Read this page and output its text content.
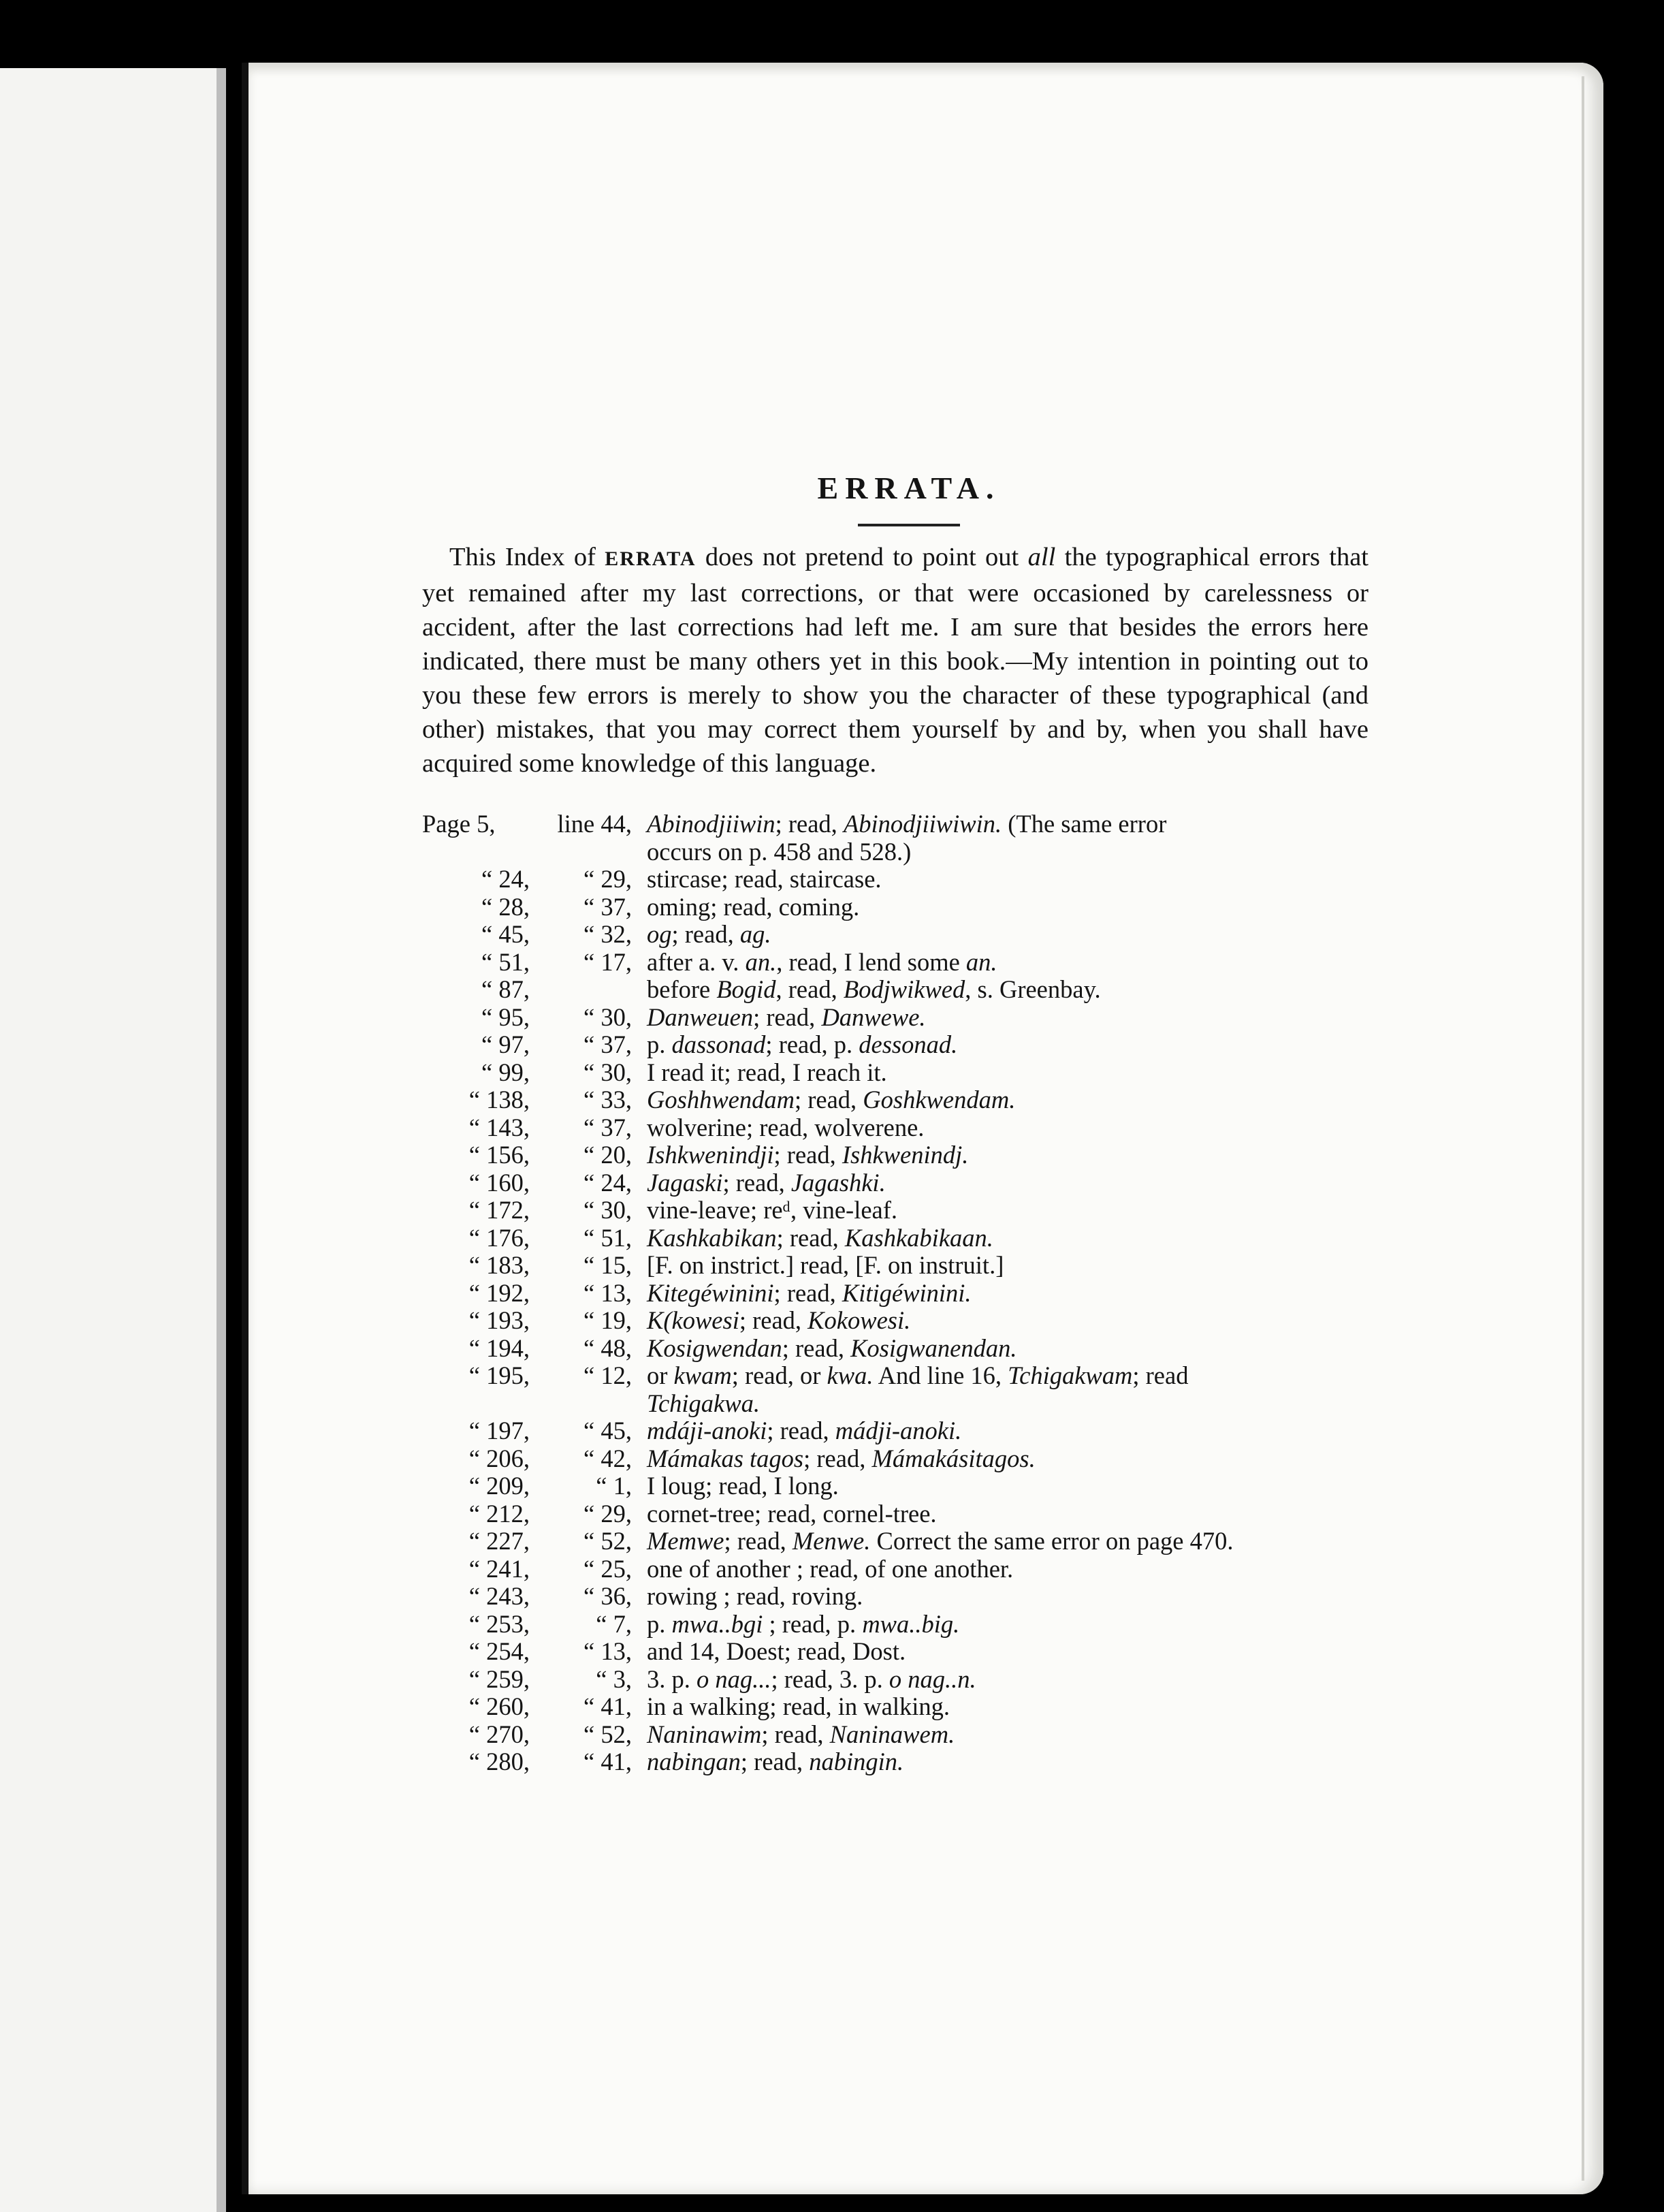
ERRATA.

This Index of ERRATA does not pretend to point out all the typographical errors that yet remained after my last corrections, or that were occasioned by carelessness or accident, after the last corrections had left me. I am sure that besides the errors here indicated, there must be many others yet in this book.—My intention in pointing out to you these few errors is merely to show you the character of these typographical (and other) mistakes, that you may correct them yourself by and by, when you shall have acquired some knowledge of this language.

Page 5,	line 44, Abinodjiiwin; read, Abinodjiiwiwin. (The same error
occurs on p. 458 and 528.)
“ 24,	“ 29, stircase; read, staircase.
“ 28,	“ 37, oming; read, coming.
“ 45,	“ 32, og; read, ag.
“ 51,	“ 17, after a. v. an., read, I lend some an.
“ 87,	before Bogid, read, Bodjwikwed, s. Greenbay.
“ 95,	“ 30, Danweuen; read, Danwewe.
“ 97,	“ 37, p. dassonad; read, p. dessonad.
“ 99,	“ 30, I read it; read, I reach it.
“ 138,	“ 33, Goshhwendam; read, Goshkwendam.
“ 143,	“ 37, wolverine; read, wolverene.
“ 156,	“ 20, Ishkwenindji; read, Ishkwenindj.
“ 160,	“ 24, Jagaski; read, Jagashki.
“ 172,	“ 30, vine-leave; re⁠ᵈ, vine-leaf.
“ 176,	“ 51, Kashkabikan; read, Kashkabikaan.
“ 183,	“ 15, [F. on instrict.] read, [F. on instruit.]
“ 192,	“ 13, Kitegéwinini; read, Kitigéwinini.
“ 193,	“ 19, K(kowesi; read, Kokowesi.
“ 194,	“ 48, Kosigwendan; read, Kosigwanendan.
“ 195,	“ 12, or kwam; read, or kwa. And line 16, Tchigakwam; read
Tchigakwa.
“ 197,	“ 45, mdáji-anoki; read, mádji-anoki.
“ 206,	“ 42, Mámakas tagos; read, Mámakásitagos.
“ 209,	“ 1, I loug; read, I long.
“ 212,	“ 29, cornet-tree; read, cornel-tree.
“ 227,	“ 52, Memwe; read, Menwe. Correct the same error on page 470.
“ 241,	“ 25, one of another ; read, of one another.
“ 243,	“ 36, rowing ; read, roving.
“ 253,	“ 7, p. mwa..bgi ; read, p. mwa..big.
“ 254,	“ 13, and 14, Doest; read, Dost.
“ 259,	“ 3, 3. p. o nag...; read, 3. p. o nag..n.
“ 260,	“ 41, in a walking; read, in walking.
“ 270,	“ 52, Naninawim; read, Naninawem.
“ 280,	“ 41, nabingan; read, nabingin.
